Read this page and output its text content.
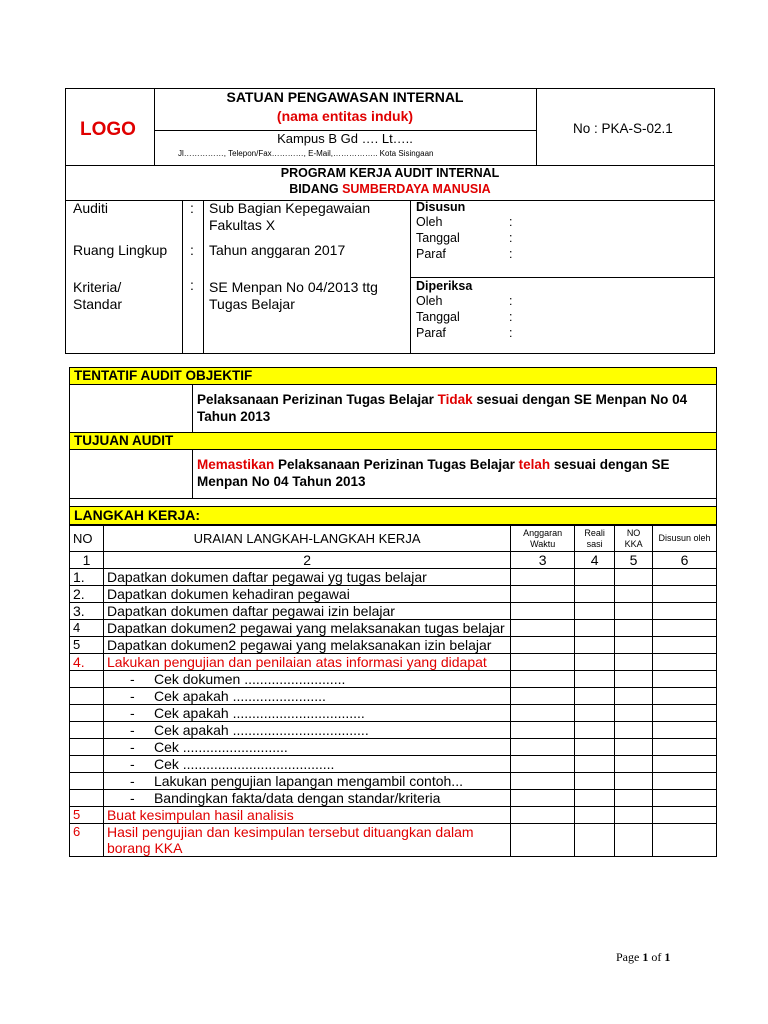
LOGO
SATUAN PENGAWASAN INTERNAL
(nama entitas induk)
Kampus B Gd …. Lt…..
Jl……………, Telepon/Fax…………, E-Mail,…………….. Kota Sisingaan
No : PKA-S-02.1
PROGRAM KERJA AUDIT INTERNAL
BIDANG SUMBERDAYA MANUSIA
Auditi	: Sub Bagian Kepegawaian Fakultas X
Ruang Lingkup : Tahun anggaran 2017
Kriteria/ Standar
: SE Menpan No 04/2013 ttg Tugas Belajar
Disusun
Oleh	:
Tanggal	:
Paraf	:
Diperiksa
Oleh	:
Tanggal	:
Paraf	:
TENTATIF AUDIT OBJEKTIF	
	Pelaksanaan Perizinan Tugas Belajar Tidak sesuai dengan SE Menpan No 04 Tahun 2013
TUJUAN AUDIT	
	Memastikan Pelaksanaan Perizinan Tugas Belajar telah sesuai dengan SE Menpan No 04 Tahun 2013

LANGKAH KERJA:	
NO	URAIAN LANGKAH-LANGKAH KERJA	Anggaran Waktu	Reali sasi	NO KKA	Disusun oleh
1	2	3	4	5	6
1.	Dapatkan dokumen daftar pegawai yg tugas belajar				
2.	Dapatkan dokumen kehadiran pegawai				
3.	Dapatkan dokumen daftar pegawai izin belajar				
4	Dapatkan dokumen2 pegawai yang melaksanakan tugas belajar				
5	Dapatkan dokumen2 pegawai yang melaksanakan izin belajar				
4.	Lakukan pengujian dan penilaian atas informasi yang didapat				
	- Cek dokumen ..........................				
	- Cek apakah ........................				
	- Cek apakah ..................................				
	- Cek apakah ...................................				
	- Cek ...........................				
	- Cek .......................................				
	- Lakukan pengujian lapangan mengambil contoh...				
	- Bandingkan fakta/data dengan standar/kriteria				
5	Buat kesimpulan hasil analisis				
6	Hasil pengujian dan kesimpulan tersebut dituangkan dalam borang KKA				
Page 1 of 1
